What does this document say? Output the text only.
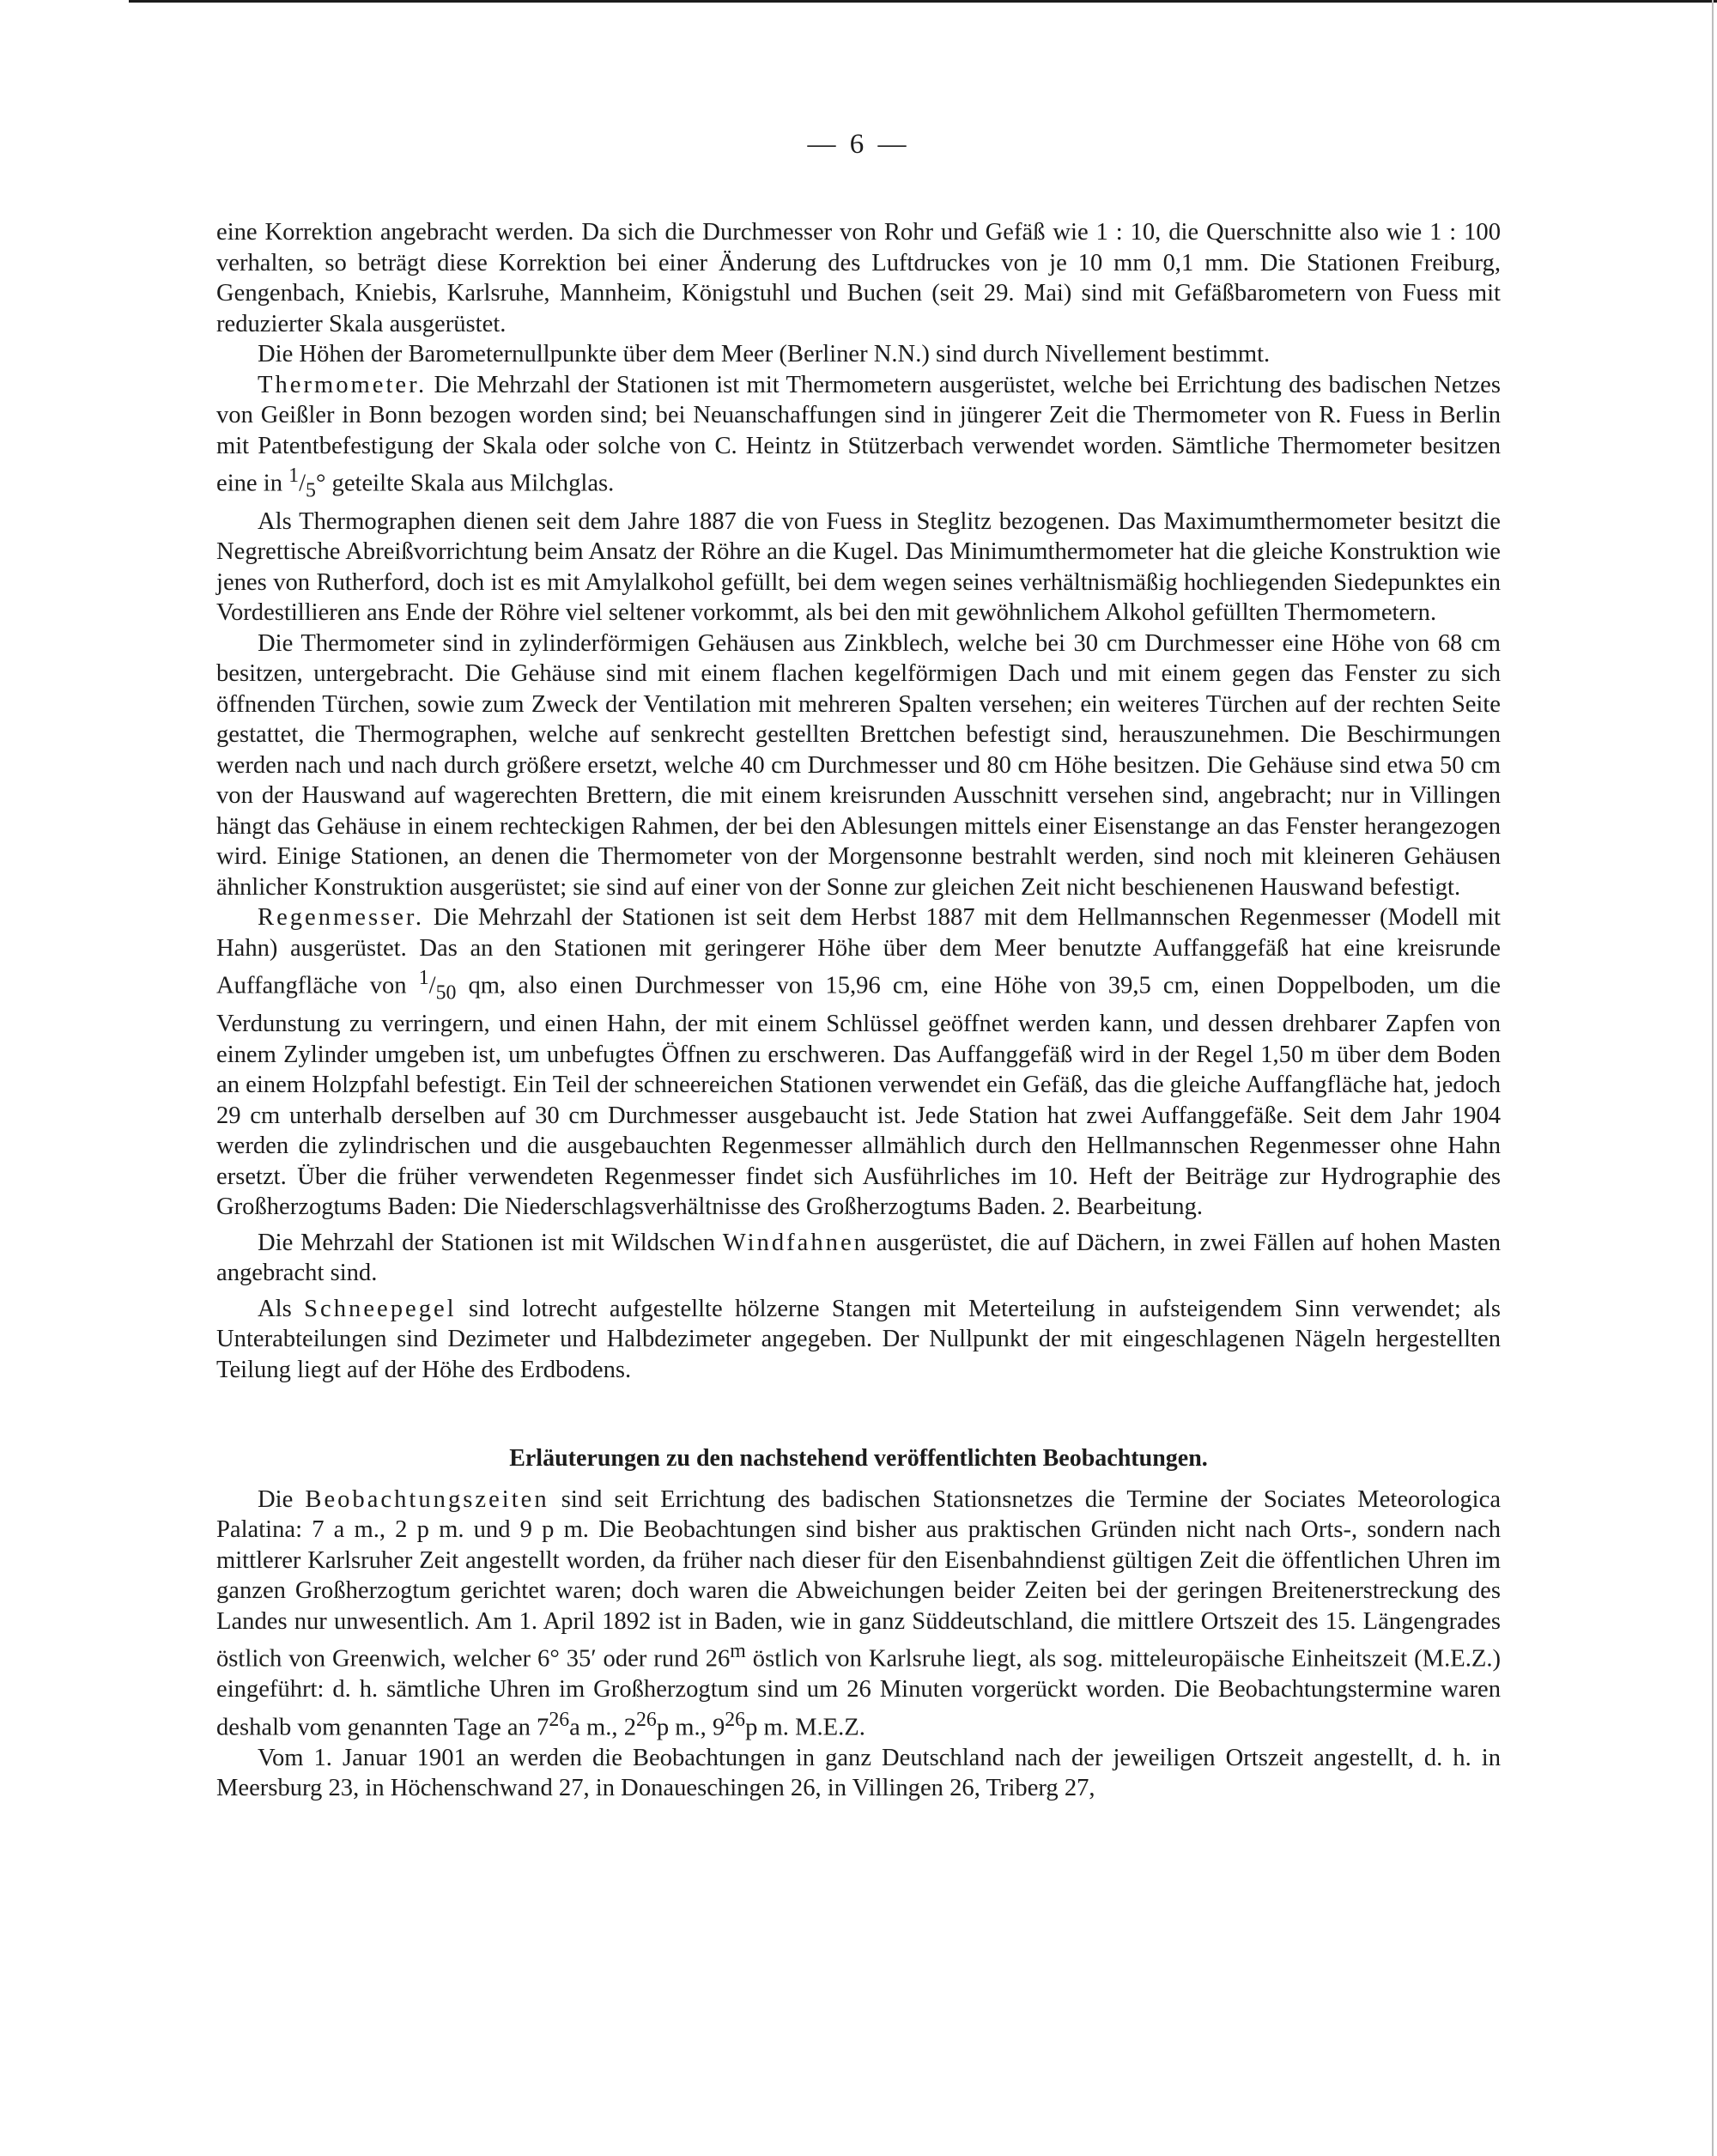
— 6 —

eine Korrektion angebracht werden. Da sich die Durchmesser von Rohr und Gefäß wie 1 : 10, die Querschnitte also wie 1 : 100 verhalten, so beträgt diese Korrektion bei einer Änderung des Luftdruckes von je 10 mm 0,1 mm. Die Stationen Freiburg, Gengenbach, Kniebis, Karlsruhe, Mannheim, Königstuhl und Buchen (seit 29. Mai) sind mit Gefäßbarometern von Fuess mit reduzierter Skala ausgerüstet.

Die Höhen der Barometernullpunkte über dem Meer (Berliner N.N.) sind durch Nivellement bestimmt.

Thermometer. Die Mehrzahl der Stationen ist mit Thermometern ausgerüstet, welche bei Errichtung des badischen Netzes von Geißler in Bonn bezogen worden sind; bei Neuanschaffungen sind in jüngerer Zeit die Thermometer von R. Fuess in Berlin mit Patentbefestigung der Skala oder solche von C. Heintz in Stützerbach verwendet worden. Sämtliche Thermometer besitzen eine in $^1/_5^\circ$ geteilte Skala aus Milchglas.

Als Thermographen dienen seit dem Jahre 1887 die von Fuess in Steglitz bezogenen. Das Maximumthermometer besitzt die Negrettische Abreißvorrichtung beim Ansatz der Röhre an die Kugel. Das Minimumthermometer hat die gleiche Konstruktion wie jenes von Rutherford, doch ist es mit Amylalkohol gefüllt, bei dem wegen seines verhältnismäßig hochliegenden Siedepunktes ein Vordestillieren ans Ende der Röhre viel seltener vorkommt, als bei den mit gewöhnlichem Alkohol gefüllten Thermometern.

Die Thermometer sind in zylinderförmigen Gehäusen aus Zinkblech, welche bei 30 cm Durchmesser eine Höhe von 68 cm besitzen, untergebracht. Die Gehäuse sind mit einem flachen kegelförmigen Dach und mit einem gegen das Fenster zu sich öffnenden Türchen, sowie zum Zweck der Ventilation mit mehreren Spalten versehen; ein weiteres Türchen auf der rechten Seite gestattet, die Thermographen, welche auf senkrecht gestellten Brettchen befestigt sind, herauszunehmen. Die Beschirmungen werden nach und nach durch größere ersetzt, welche 40 cm Durchmesser und 80 cm Höhe besitzen. Die Gehäuse sind etwa 50 cm von der Hauswand auf wagerechten Brettern, die mit einem kreisrunden Ausschnitt versehen sind, angebracht; nur in Villingen hängt das Gehäuse in einem rechteckigen Rahmen, der bei den Ablesungen mittels einer Eisenstange an das Fenster herangezogen wird. Einige Stationen, an denen die Thermometer von der Morgensonne bestrahlt werden, sind noch mit kleineren Gehäusen ähnlicher Konstruktion ausgerüstet; sie sind auf einer von der Sonne zur gleichen Zeit nicht beschienenen Hauswand befestigt.

Regenmesser. Die Mehrzahl der Stationen ist seit dem Herbst 1887 mit dem Hellmannschen Regenmesser (Modell mit Hahn) ausgerüstet. Das an den Stationen mit geringerer Höhe über dem Meer benutzte Auffanggefäß hat eine kreisrunde Auffangfläche von $^1/_{50}$ qm, also einen Durchmesser von 15,96 cm, eine Höhe von 39,5 cm, einen Doppelboden, um die Verdunstung zu verringern, und einen Hahn, der mit einem Schlüssel geöffnet werden kann, und dessen drehbarer Zapfen von einem Zylinder umgeben ist, um unbefugtes Öffnen zu erschweren. Das Auffanggefäß wird in der Regel 1,50 m über dem Boden an einem Holzpfahl befestigt. Ein Teil der schneereichen Stationen verwendet ein Gefäß, das die gleiche Auffangfläche hat, jedoch 29 cm unterhalb derselben auf 30 cm Durchmesser ausgebaucht ist. Jede Station hat zwei Auffanggefäße. Seit dem Jahr 1904 werden die zylindrischen und die ausgebauchten Regenmesser allmählich durch den Hellmannschen Regenmesser ohne Hahn ersetzt. Über die früher verwendeten Regenmesser findet sich Ausführliches im 10. Heft der Beiträge zur Hydrographie des Großherzogtums Baden: Die Niederschlagsverhältnisse des Großherzogtums Baden. 2. Bearbeitung.

Die Mehrzahl der Stationen ist mit Wildschen Windfahnen ausgerüstet, die auf Dächern, in zwei Fällen auf hohen Masten angebracht sind.

Als Schneepegel sind lotrecht aufgestellte hölzerne Stangen mit Meterteilung in aufsteigendem Sinn verwendet; als Unterabteilungen sind Dezimeter und Halbdezimeter angegeben. Der Nullpunkt der mit eingeschlagenen Nägeln hergestellten Teilung liegt auf der Höhe des Erdbodens.

Erläuterungen zu den nachstehend veröffentlichten Beobachtungen.

Die Beobachtungszeiten sind seit Errichtung des badischen Stationsnetzes die Termine der Sociates Meteorologica Palatina: 7 a m., 2 p m. und 9 p m. Die Beobachtungen sind bisher aus praktischen Gründen nicht nach Orts-, sondern nach mittlerer Karlsruher Zeit angestellt worden, da früher nach dieser für den Eisenbahndienst gültigen Zeit die öffentlichen Uhren im ganzen Großherzogtum gerichtet waren; doch waren die Abweichungen beider Zeiten bei der geringen Breitenerstreckung des Landes nur unwesentlich. Am 1. April 1892 ist in Baden, wie in ganz Süddeutschland, die mittlere Ortszeit des 15. Längengrades östlich von Greenwich, welcher 6° 35′ oder rund 26$^m$ östlich von Karlsruhe liegt, als sog. mitteleuropäische Einheitszeit (M.E.Z.) eingeführt: d. h. sämtliche Uhren im Großherzogtum sind um 26 Minuten vorgerückt worden. Die Beobachtungstermine waren deshalb vom genannten Tage an $7^{26}a$ m., $2^{26}p$ m., $9^{26}p$ m. M.E.Z.

Vom 1. Januar 1901 an werden die Beobachtungen in ganz Deutschland nach der jeweiligen Ortszeit angestellt, d. h. in Meersburg 23, in Höchenschwand 27, in Donaueschingen 26, in Villingen 26, Triberg 27,
